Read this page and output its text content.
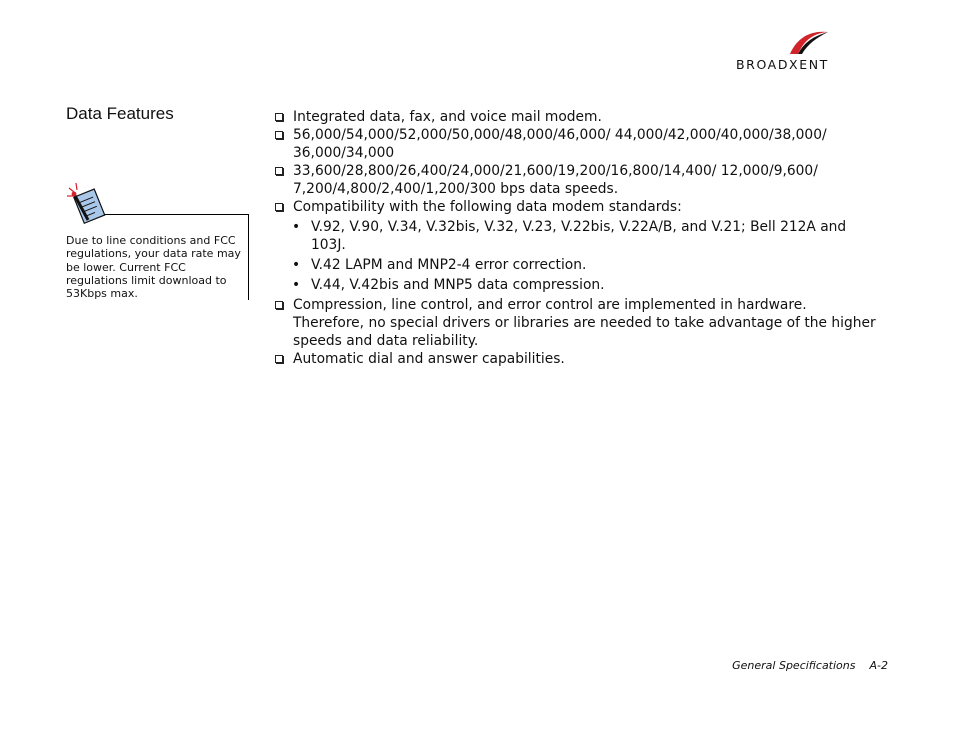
BROADXENT
Data Features
Due to line conditions and FCC regulations, your data rate may be lower. Current FCC regulations limit download to 53Kbps max.
Integrated data, fax, and voice mail modem.
56,000/54,000/52,000/50,000/48,000/46,000/ 44,000/42,000/40,000/38,000/ 36,000/34,000
33,600/28,800/26,400/24,000/21,600/19,200/16,800/14,400/ 12,000/9,600/ 7,200/4,800/2,400/1,200/300 bps data speeds.
Compatibility with the following data modem standards:
• V.92, V.90, V.34, V.32bis, V.32, V.23, V.22bis, V.22A/B, and V.21; Bell 212A and 103J.
• V.42 LAPM and MNP2-4 error correction.
• V.44, V.42bis and MNP5 data compression.
Compression, line control, and error control are implemented in hardware. Therefore, no special drivers or libraries are needed to take advantage of the higher speeds and data reliability.
Automatic dial and answer capabilities.
General Specifications A-2
